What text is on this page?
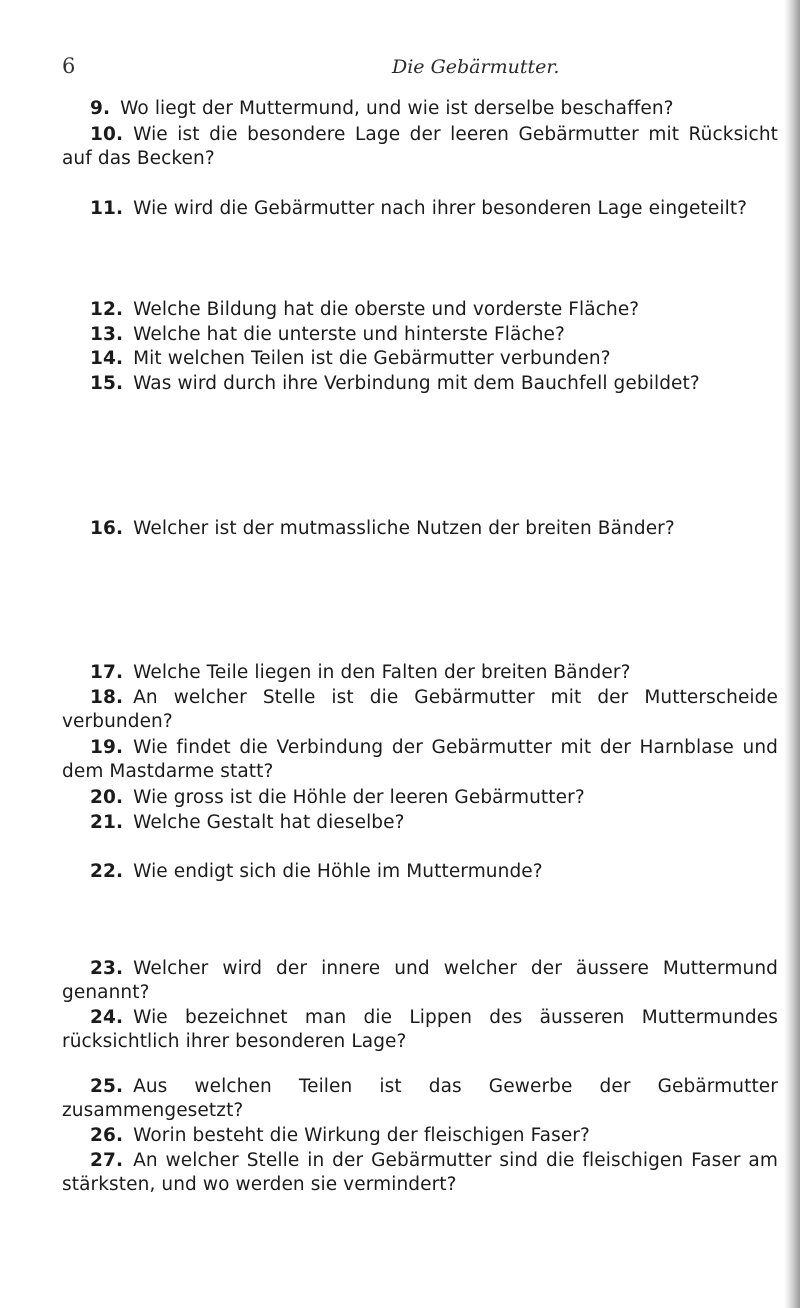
6	Die Gebärmutter.
9. Wo liegt der Muttermund, und wie ist derselbe beschaffen?
10. Wie ist die besondere Lage der leeren Gebärmutter mit Rücksicht auf das Becken?
11. Wie wird die Gebärmutter nach ihrer besonderen Lage eingeteilt?
12. Welche Bildung hat die oberste und vorderste Fläche?
13. Welche hat die unterste und hinterste Fläche?
14. Mit welchen Teilen ist die Gebärmutter verbunden?
15. Was wird durch ihre Verbindung mit dem Bauchfell gebildet?
16. Welcher ist der mutmassliche Nutzen der breiten Bänder?
17. Welche Teile liegen in den Falten der breiten Bänder?
18. An welcher Stelle ist die Gebärmutter mit der Mutterscheide verbunden?
19. Wie findet die Verbindung der Gebärmutter mit der Harnblase und dem Mastdarme statt?
20. Wie gross ist die Höhle der leeren Gebärmutter?
21. Welche Gestalt hat dieselbe?
22. Wie endigt sich die Höhle im Muttermunde?
23. Welcher wird der innere und welcher der äussere Muttermund genannt?
24. Wie bezeichnet man die Lippen des äusseren Muttermundes rücksichtlich ihrer besonderen Lage?
25. Aus welchen Teilen ist das Gewerbe der Gebärmutter zusammengesetzt?
26. Worin besteht die Wirkung der fleischigen Faser?
27. An welcher Stelle in der Gebärmutter sind die fleischigen Faser am stärksten, und wo werden sie vermindert?
